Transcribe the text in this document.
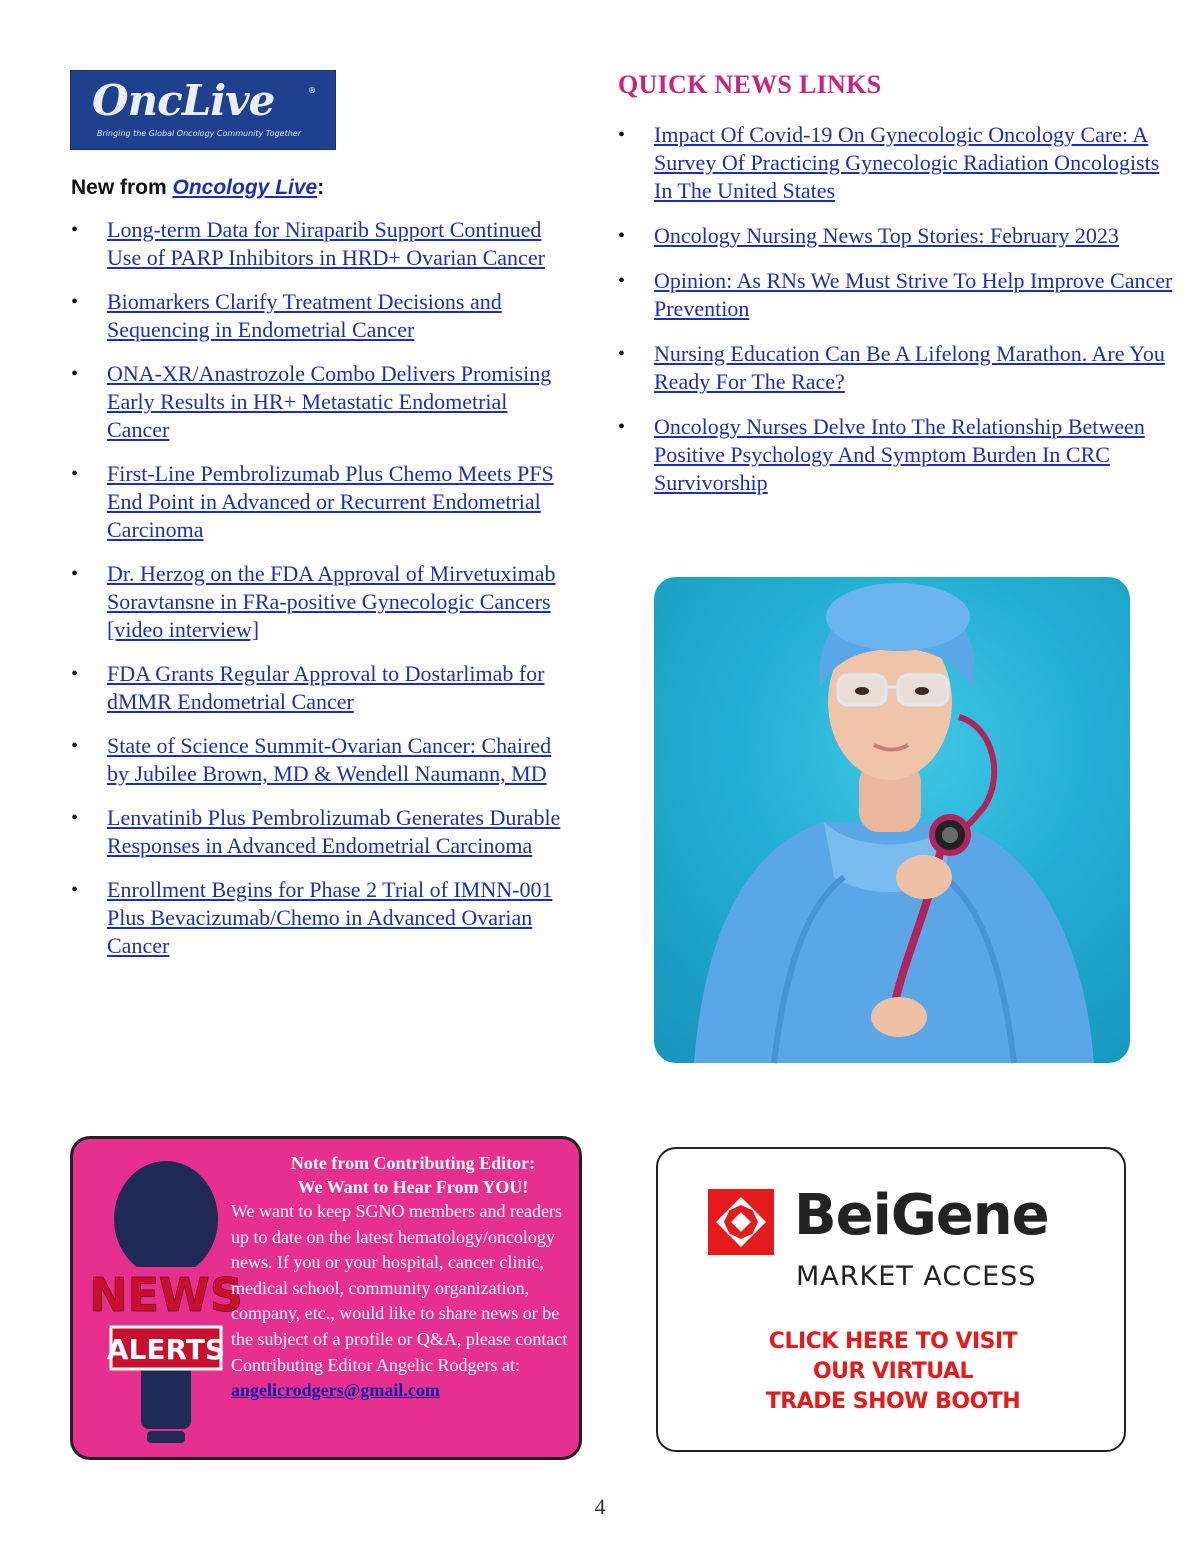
OncLive	®
Bringing the Global Oncology Community Together
New from Oncology Live:
• Long-term Data for Niraparib Support Continued Use of PARP Inhibitors in HRD+ Ovarian Cancer
• Biomarkers Clarify Treatment Decisions and Sequencing in Endometrial Cancer
• ONA-XR/Anastrozole Combo Delivers Promising Early Results in HR+ Metastatic Endometrial Cancer
• First-Line Pembrolizumab Plus Chemo Meets PFS End Point in Advanced or Recurrent Endometrial Carcinoma
• Dr. Herzog on the FDA Approval of Mirvetuximab Soravtansne in FRa-positive Gynecologic Cancers [video interview]
• FDA Grants Regular Approval to Dostarlimab for dMMR Endometrial Cancer
• State of Science Summit-Ovarian Cancer: Chaired by Jubilee Brown, MD & Wendell Naumann, MD
• Lenvatinib Plus Pembrolizumab Generates Durable Responses in Advanced Endometrial Carcinoma
• Enrollment Begins for Phase 2 Trial of IMNN-001 Plus Bevacizumab/Chemo in Advanced Ovarian Cancer
QUICK NEWS LINKS
• Impact Of Covid-19 On Gynecologic Oncology Care: A Survey Of Practicing Gynecologic Radiation Oncologists In The United States
• Oncology Nursing News Top Stories: February 2023
• Opinion: As RNs We Must Strive To Help Improve Cancer Prevention
• Nursing Education Can Be A Lifelong Marathon. Are You Ready For The Race?
• Oncology Nurses Delve Into The Relationship Between Positive Psychology And Symptom Burden In CRC Survivorship
NEWS
ALERTS
Note from Contributing Editor:
We Want to Hear From YOU!
We want to keep SGNO members and readers up to date on the latest hematology/oncology news. If you or your hospital, cancer clinic, medical school, community organization, company, etc., would like to share news or be the subject of a profile or Q&A, please contact Contributing Editor Angelic Rodgers at: angelicrodgers@gmail.com
BeiGene
MARKET ACCESS
CLICK HERE TO VISIT
OUR VIRTUAL
TRADE SHOW BOOTH
4
